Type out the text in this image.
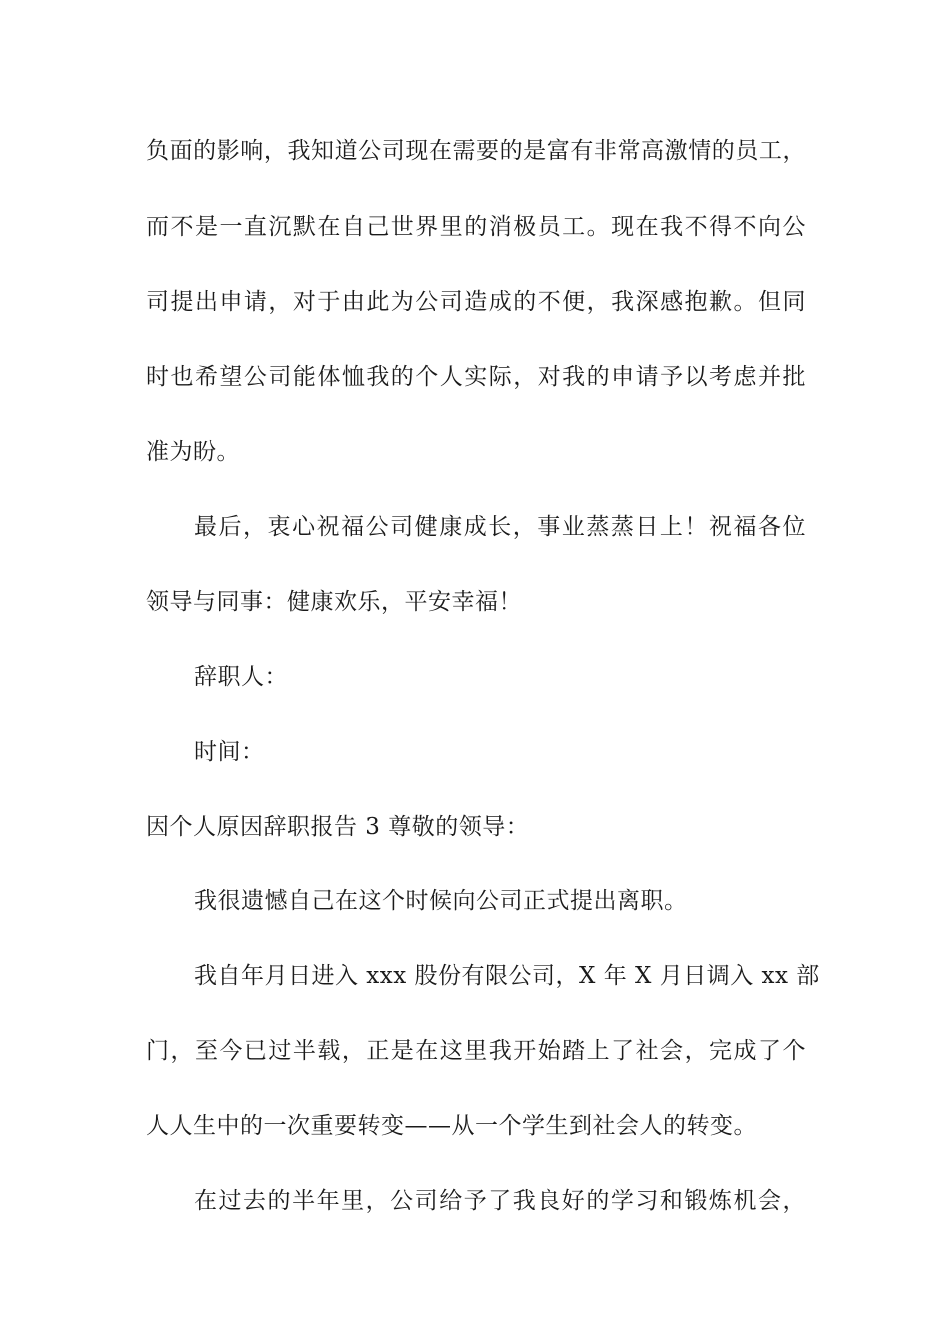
负面的影响，我知道公司现在需要的是富有非常高激情的员工，
而不是一直沉默在自己世界里的消极员工。现在我不得不向公
司提出申请，对于由此为公司造成的不便，我深感抱歉。但同
时也希望公司能体恤我的个人实际，对我的申请予以考虑并批
准为盼。
最后，衷心祝福公司健康成长，事业蒸蒸日上！祝福各位
领导与同事：健康欢乐，平安幸福！
辞职人：
时间：
因个人原因辞职报告 3 尊敬的领导：
我很遗憾自己在这个时候向公司正式提出离职。
我自年月日进入 xxx 股份有限公司，X 年 X 月日调入 xx 部
门，至今已过半载，正是在这里我开始踏上了社会，完成了个
人人生中的一次重要转变——从一个学生到社会人的转变。
在过去的半年里，公司给予了我良好的学习和锻炼机会，
